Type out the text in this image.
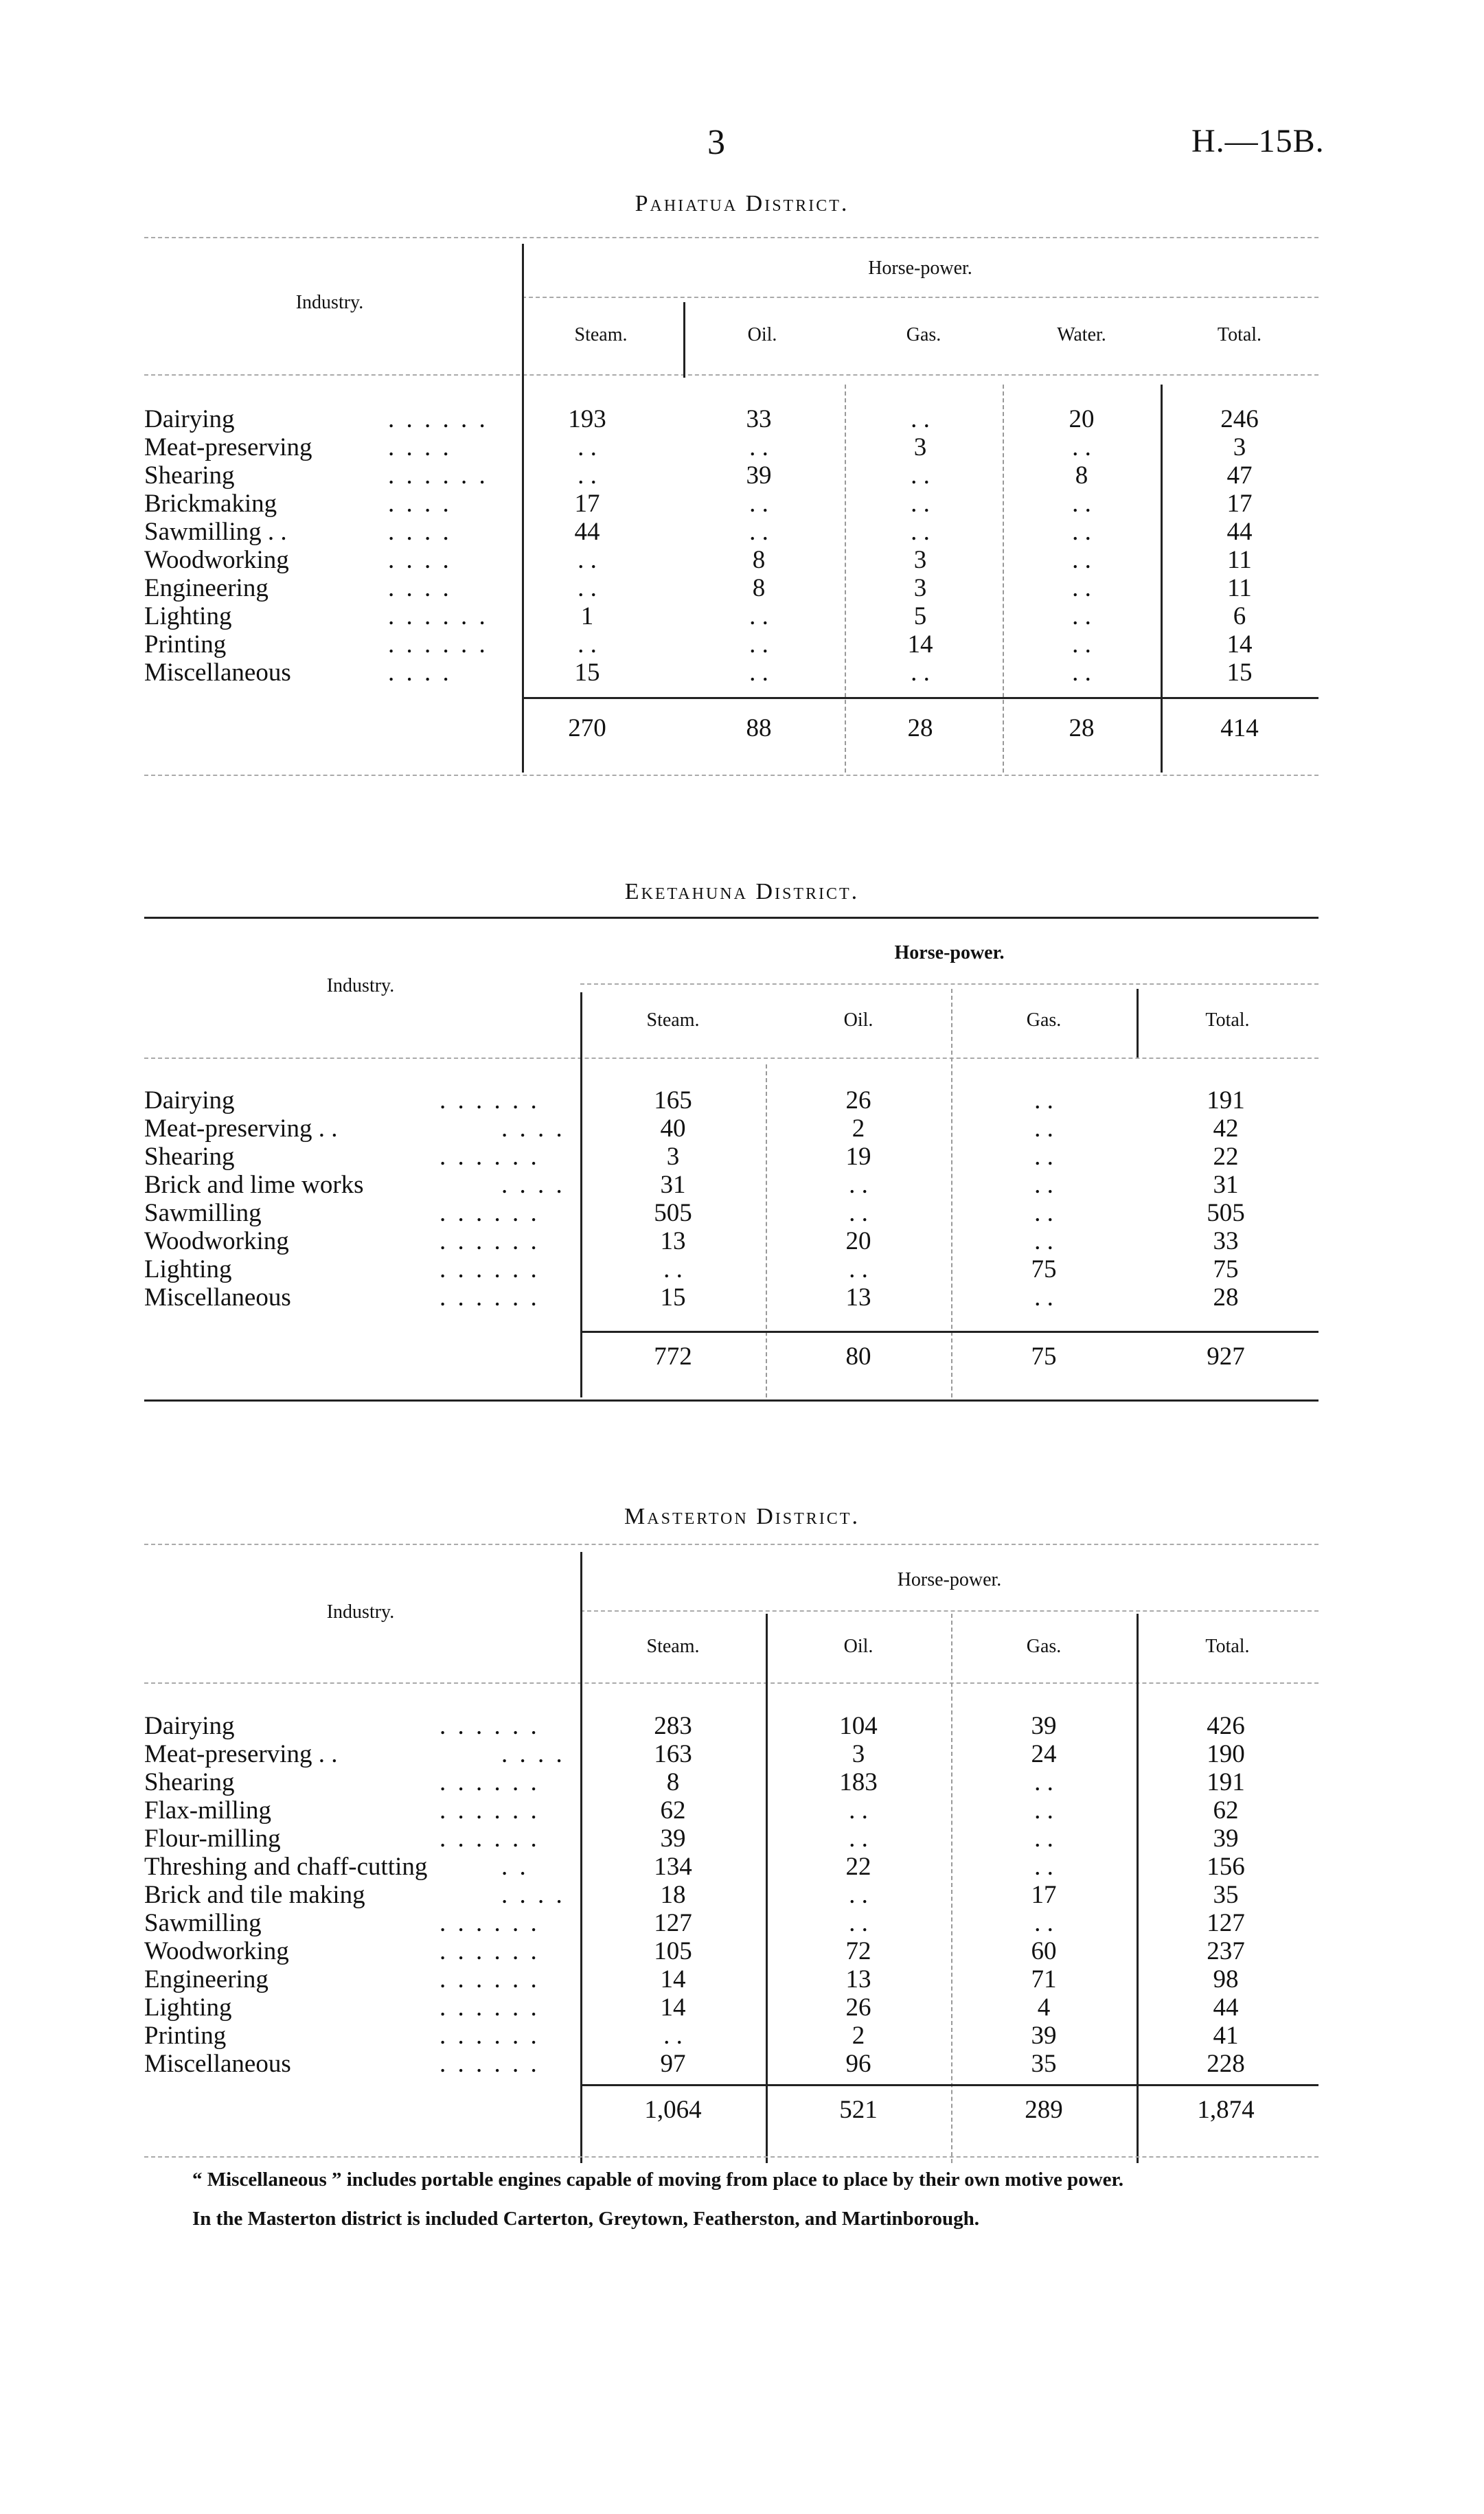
3	H.—15B.
Pahiatua District.
Industry.
Horse-power.
Steam.	Oil.	Gas.	Water.	Total.
Dairying	. . . . . .	193	33	. .	20	246
Meat-preserving	. . . .	. .	. .	3	. .	3
Shearing	. . . . . .	. .	39	. .	8	47
Brickmaking	. . . .	17	. .	. .	. .	17
Sawmilling . .	. . . .	44	. .	. .	. .	44
Woodworking	. . . .	. .	8	3	. .	11
Engineering	. . . .	. .	8	3	. .	11
Lighting	. . . . . .	1	. .	5	. .	6
Printing	. . . . . .	. .	. .	14	. .	14
Miscellaneous	. . . .	15	. .	. .	. .	15
270	88	28	28	414
Eketahuna District.
Industry.
Horse-power.
Steam.	Oil.	Gas.	Total.
Dairying	. . . . . .	165	26	. .	191
Meat-preserving . .	. . . .	40	2	. .	42
Shearing	. . . . . .	3	19	. .	22
Brick and lime works	. . . .	31	. .	. .	31
Sawmilling	. . . . . .	505	. .	. .	505
Woodworking	. . . . . .	13	20	. .	33
Lighting	. . . . . .	. .	. .	75	75
Miscellaneous	. . . . . .	15	13	. .	28
772	80	75	927
Masterton District.
Industry.
Horse-power.
Steam.	Oil.	Gas.	Total.
Dairying	. . . . . .	283	104	39	426
Meat-preserving . .	. . . .	163	3	24	190
Shearing	. . . . . .	8	183	. .	191
Flax-milling	. . . . . .	62	. .	. .	62
Flour-milling	. . . . . .	39	. .	. .	39
Threshing and chaff-cutting	. .	134	22	. .	156
Brick and tile making	. . . .	18	. .	17	35
Sawmilling	. . . . . .	127	. .	. .	127
Woodworking	. . . . . .	105	72	60	237
Engineering	. . . . . .	14	13	71	98
Lighting	. . . . . .	14	26	4	44
Printing	. . . . . .	. .	2	39	41
Miscellaneous	. . . . . .	97	96	35	228
1,064	521	289	1,874
“ Miscellaneous ” includes portable engines capable of moving from place to place by their own motive power.
In the Masterton district is included Carterton, Greytown, Featherston, and Martinborough.
